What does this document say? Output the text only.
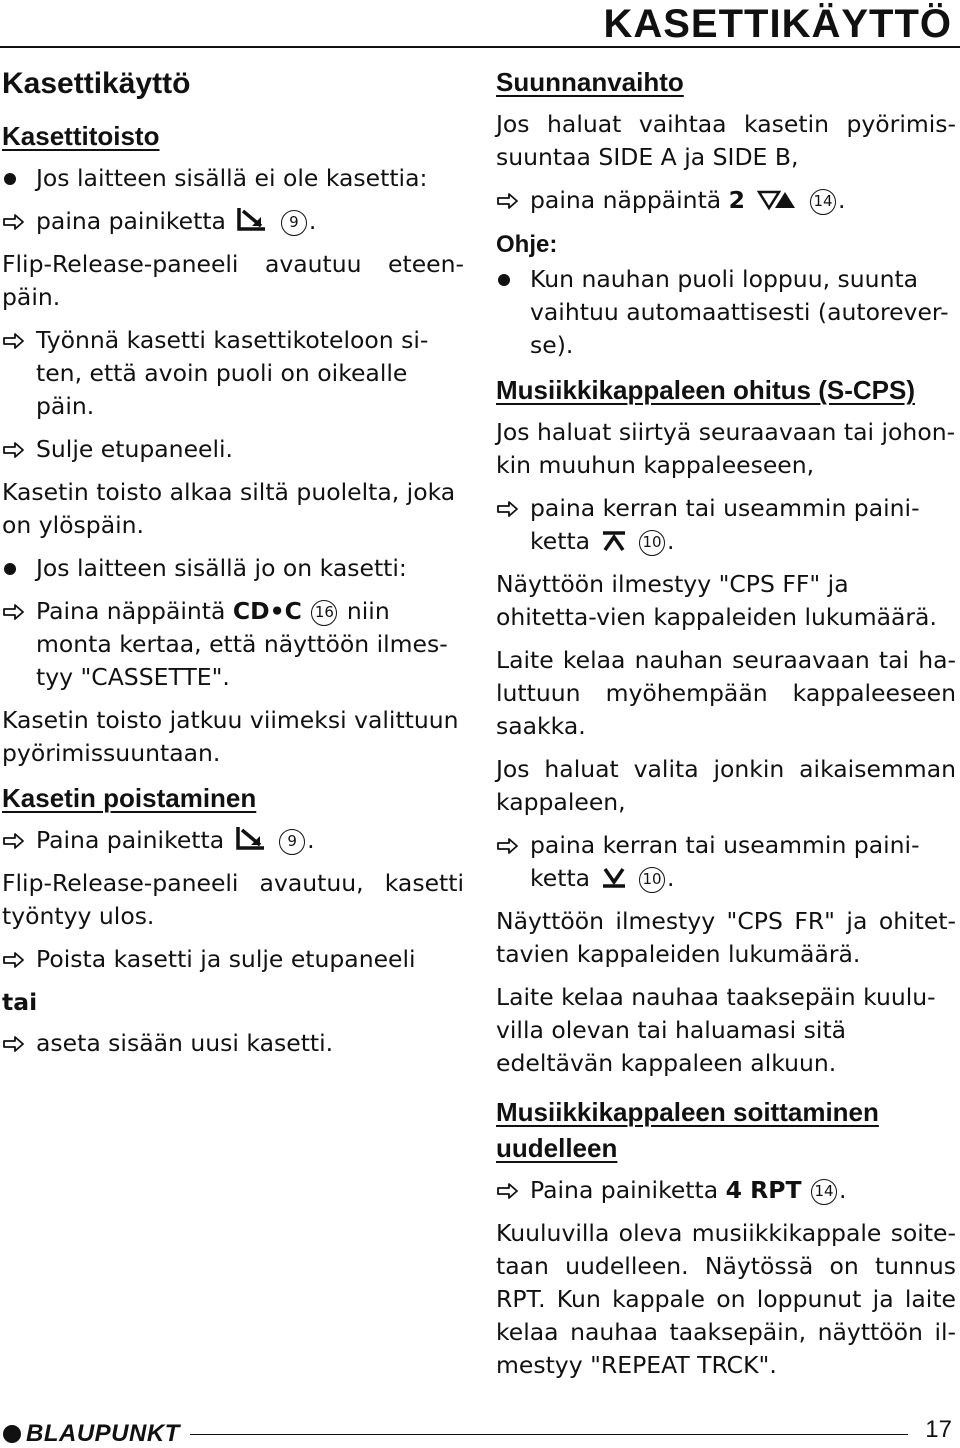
KASETTIKÄYTTÖ
Kasettikäyttö
Kasettitoisto
Jos laitteen sisällä ei ole kasettia:
paina painiketta	9 .
Flip-Release-paneeli avautuu eteen-päin.
Työnnä kasetti kasettikoteloon si-ten, että avoin puoli on oikealle päin.
Sulje etupaneeli.
Kasetin toisto alkaa siltä puolelta, joka on ylöspäin.
Jos laitteen sisällä jo on kasetti:
Paina näppäintä CD•C 16 niin monta kertaa, että näyttöön ilmes-tyy "CASSETTE".
Kasetin toisto jatkuu viimeksi valittuun pyörimissuuntaan.
Kasetin poistaminen
Paina painiketta	9 .
Flip-Release-paneeli avautuu, kasetti työntyy ulos.
Poista kasetti ja sulje etupaneeli
tai
aseta sisään uusi kasetti.
Suunnanvaihto
Jos haluat vaihtaa kasetin pyörimis-suuntaa SIDE A ja SIDE B,
paina näppäintä 2	14 .
Ohje:
Kun nauhan puoli loppuu, suunta vaihtuu automaattisesti (autorever-se).
Musiikkikappaleen ohitus (S-CPS)
Jos haluat siirtyä seuraavaan tai johon-kin muuhun kappaleeseen,
paina kerran tai useammin paini-ketta	10 .
Näyttöön ilmestyy "CPS FF" ja ohitetta-vien kappaleiden lukumäärä.
Laite kelaa nauhan seuraavaan tai ha-luttuun myöhempään kappaleeseen saakka.
Jos haluat valita jonkin aikaisemman kappaleen,
paina kerran tai useammin paini-ketta	10 .
Näyttöön ilmestyy "CPS FR" ja ohitet-tavien kappaleiden lukumäärä.
Laite kelaa nauhaa taaksepäin kuulu-villa olevan tai haluamasi sitä edeltävän kappaleen alkuun.
Musiikkikappaleen soittaminen uudelleen
Paina painiketta 4 RPT 14 .
Kuuluvilla oleva musiikkikappale soite-taan uudelleen. Näytössä on tunnus RPT. Kun kappale on loppunut ja laite kelaa nauhaa taaksepäin, näyttöön il-mestyy "REPEAT TRCK".
BLAUPUNKT	17
